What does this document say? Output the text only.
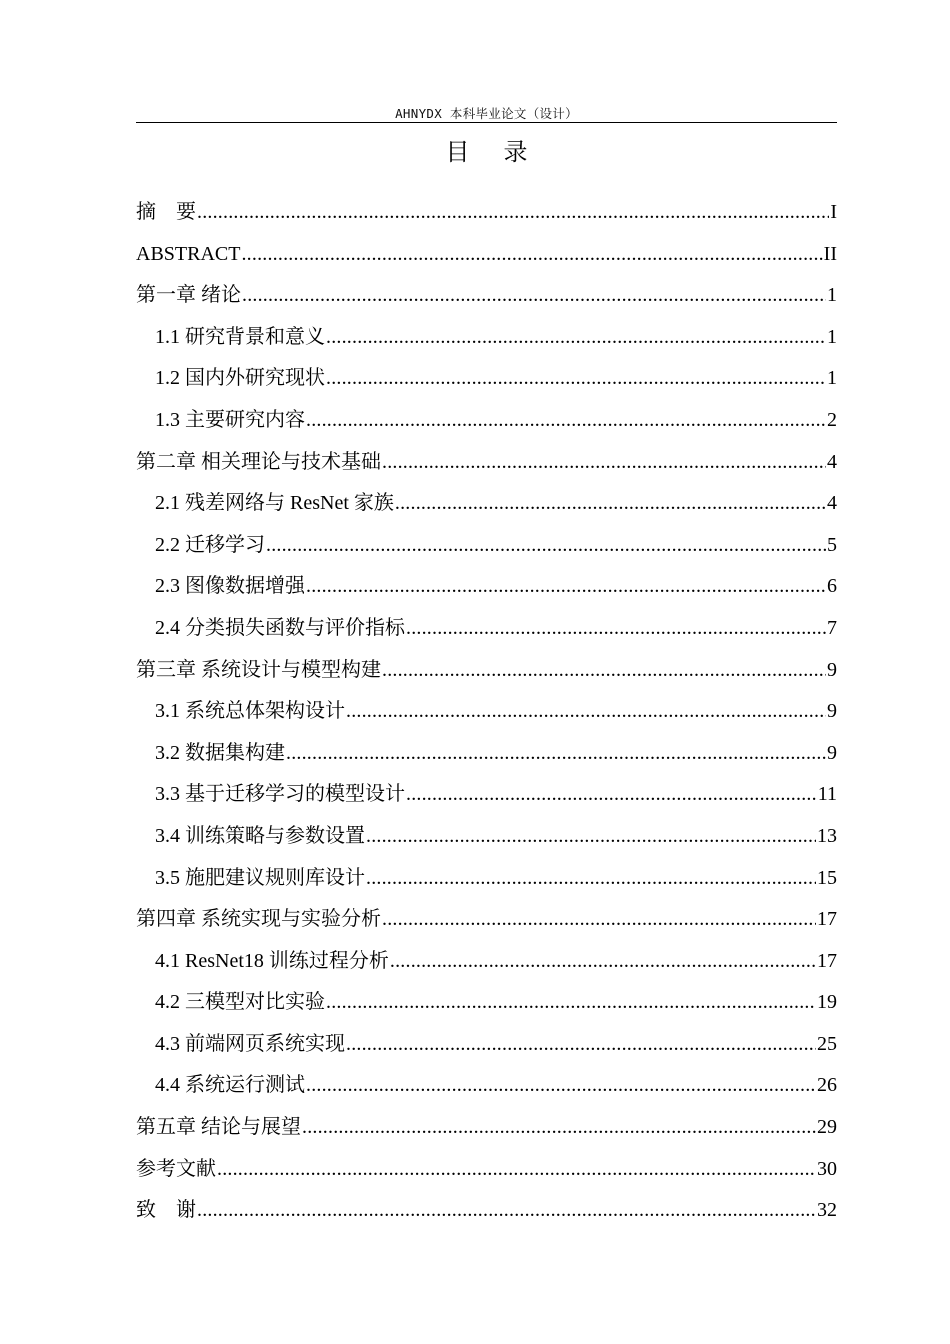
AHNYDX 本科毕业论文（设计）
目录
摘　要 .....	I
ABSTRACT .....	II
第一章 绪论 .....	1
1.1 研究背景和意义 .....	1
1.2 国内外研究现状 .....	1
1.3 主要研究内容 .....	2
第二章 相关理论与技术基础 .....	4
2.1 残差网络与 ResNet 家族 .....	4
2.2 迁移学习 .....	5
2.3 图像数据增强 .....	6
2.4 分类损失函数与评价指标 .....	7
第三章 系统设计与模型构建 .....	9
3.1 系统总体架构设计 .....	9
3.2 数据集构建 .....	9
3.3 基于迁移学习的模型设计 .....	11
3.4 训练策略与参数设置 .....	13
3.5 施肥建议规则库设计 .....	15
第四章 系统实现与实验分析 .....	17
4.1 ResNet18 训练过程分析 .....	17
4.2 三模型对比实验 .....	19
4.3 前端网页系统实现 .....	25
4.4 系统运行测试 .....	26
第五章 结论与展望 .....	29
参考文献 .....	30
致　谢 .....	32
